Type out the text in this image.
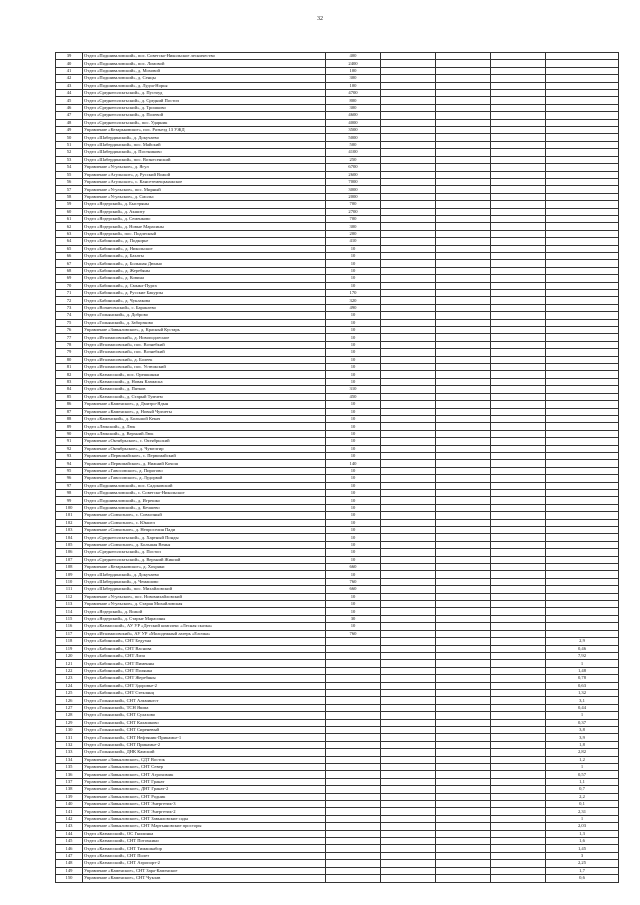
32
39	Отдел «Подшиваловский», пос. Советско-Никольское лесничество	400				
40	Отдел «Подшиваловский», пос. Ломовой	2400				
41	Отдел «Подшиваловский», д. Моховой	100				
42	Отдел «Подшиваловский», д. Сенцы	300				
43	Отдел «Подшиваловский», д. Лудза-Норья	100				
44	Отдел «Среднеголсьтьский», д. Пустоуд	4700				
45	Отдел «Среднеголсьтьский», д. Средний Постоп	800				
46	Отдел «Среднеголсьтьский», д. Трошково	300				
47	Отдел «Среднеголсьтьский», д. Полевой	4600				
48	Отдел «Среднеголсьтьский», пос. Ударник	4000				
49	Управление «Кезарьковское», пос. Разъезд 13 УЖД	3500				
50	Отдел «Шабердинский», д. Докучаево	5000				
51	Отдел «Шабердинский», пос. Майский	500				
52	Отдел «Шабердинский», д. Постниково	4100				
53	Отдел «Шабердинский», пос. Вознесенский	250				
54	Управление «Угульское», д. Ягул	6700				
55	Управление «Агульское», д. Русский Вожой	2600				
56	Управление «Агульское», с. Кансетемещьмажское	7000				
57	Управление «Угульское», пос. Мирный	3000				
58	Управление «Угульское», д. Смольс	2000				
59	Отдел «Ягдерский», д. Быстряны	700				
60	Отдел «Ягдерский», д. Акшиту	2700				
61	Отдел «Ягдерский», д. Семенково	700				
62	Отдел «Ягдерский», д. Новые Марасины	300				
63	Отдел «Ягдерский», пос. Подлесный	200				
64	Отдел «Бабинский», д. Подкорье	410				
65	Отдел «Бабинский», д. Никольское	10				
66	Отдел «Бабинский», д. Бахаты	10				
67	Отдел «Бабинский», д. Большая Дюныо	10				
68	Отдел «Бабинский», д. Жеребяны	10				
69	Отдел «Бабинский», д. Ковина	10				
70	Отдел «Бабинский», д. Смыкл-Пурга	10				
71	Отдел «Бабинский», д. Русские Бакурзы	170				
72	Отдел «Бабинский», д. Чуклакова	320				
73	Отдел «Вознесенский», с. Бараклево	490				
74	Отдел «Гольянский», д. Доброво	10				
75	Отдел «Гольянский», д. Заборзково	10				
76	Управление «Завьяловское», д. Красный Кустарь	10				
77	Отдел «Италмасовский», д. Новоподлесное	10				
78	Отдел «Италмасовский», пос. Вознебкий	10				
79	Отдел «Италмасовский», пос. Вознебкий	10				
80	Отдел «Италмасовский», д. Болеек	10				
81	Отдел «Италмасовский», пос. Устюжский	10				
82	Отдел «Казмасский», пос. Орешкинки	10				
83	Отдел «Казмасский», д. Новая Казмаска	10				
84	Отдел «Казмасский», д. Пятков	310				
85	Отдел «Казмасский», д. Старый Тумчем	450				
86	Управление «Каменское», д. Дмитро-Ядын	10				
87	Управление «Каменское», д. Новый Чукчеты	10				
88	Отдел «Каменский», д. Большой Кекач	10				
89	Отдел «Люкский», д. Люк	10				
90	Отдел «Люкский», д. Верхний Люк	10				
91	Управление «Октябрьское», с. Октябрьский	10				
92	Управление «Октябрьское», д. Чумелгир	10				
93	Управление «Первомайское», с. Первомайский	10				
94	Управление «Первомайское», д. Нижний Кочош	140				
95	Управление «Гавосовское», д. Пирогово	10				
96	Управление «Гавосовское», д. Лудорвай	10				
97	Отдел «Подшиваловский», пос. Садоковский	10				
98	Отдел «Подшиваловский», с. Советско-Никольское	10				
99	Отдел «Подшиваловский», д. Игрешко	10				
100	Отдел «Подшиваловский», д. Кечшево	10				
101	Управление «Совхозное», с. Совхозный	10				
102	Управление «Совхозное», с. Юкшел	10				
103	Управление «Совхозное», д. Непроселия Пади	10				
104	Отдел «Среднеголсьтьский», д. Хартный Понды	10				
105	Управление «Совхозное», д. Большая Венья	10				
106	Отдел «Среднеголсьтьский», д. Постоп	10				
107	Отдел «Среднеголсьтьский», д. Верхний Жикпай	10				
108	Управление «Кезарьковское», д. Хохряки	660				
109	Отдел «Шабердинский», д. Докучаево	10				
110	Отдел «Шабердинский», д. Чемашово	760				
111	Отдел «Шабердинский», пос. Михайловский	660				
112	Управление «Угульское», пос. Новомихайловский	10				
113	Управление «Угульское», д. Старая Михайловская	10				
114	Отдел «Ягдерский», д. Вожой	10				
115	Отдел «Ягдерский», д. Старые Марасины	30				
116	Отдел «Казмасский», АУ УР «Детский комплекс «Лесная сказка»	10				
117	Отдел «Италмасовский», АУ УР «Молодежный лагерь «Елочка»	760				
118	Отдел «Бабинский», СНТ Бедузна					2,9
119	Отдел «Бабинский», СНТ Васнова					0,46
120	Отдел «Бабинский», СНТ Лиза					7,92
121	Отдел «Бабинский», СНТ Пименны					1
122	Отдел «Бабинский», СНТ Полянка					1,48
123	Отдел «Бабинский», СНТ Жеребяны					0,78
124	Отдел «Бабинский», СНТ Здоровье-2					0,63
125	Отдел «Бабинский», СНТ Стеклянц					1,32
126	Отдел «Гольянский», СНТ Алкмингст					3,1
127	Отдел «Гольянский», ТСН Яшма					0,44
128	Отдел «Гольянский», СНТ Сулахово					1
129	Отдел «Гольянский», СНТ Калашково					0,37
130	Отдел «Гольянский», СНТ Сиреневый					3,8
131	Отдел «Гольянский», СНТ Нефтяник-Прикамье-1					3,9
132	Отдел «Гольянский», СНТ Прикамье-2					1,8
133	Отдел «Гольянский», ДНК Камский					2,82
134	Управление «Завьяловское», СДТ Восток					1,2
135	Управление «Завьяловское», СНТ Север					1
136	Управление «Завьяловское», СНТ Агрохимик					0,57
137	Управление «Завьяловское», СНТ Гранат					1,1
138	Управление «Завьяловское», ДНТ Гранат-2					0,7
139	Управление «Завьяловское», СНТ Родник					2,2
140	Управление «Завьяловское», СНТ Энергетик-3					0,1
141	Управление «Завьяловское», СНТ Энергетик-2					2,31
142	Управление «Завьяловское», СНТ Завьяловские сады					1
143	Управление «Завьяловское», СНТ Мартьяновские просторы					2,03
144	Отдел «Казмасский», ОС Гнилинка					1,3
145	Отдел «Казмасский», СНТ Потоъкино					1,6
146	Отдел «Казмасский», СНТ Тимашкабор					1,45
147	Отдел «Казмасский», СНТ Полет					3
148	Отдел «Казмасский», СНТ Аэропорт-2					2,25
149	Управление «Каменское», СНТ Зара-Каменское					1,7
150	Управление «Каменское», СНТ Чуклав					0,6
